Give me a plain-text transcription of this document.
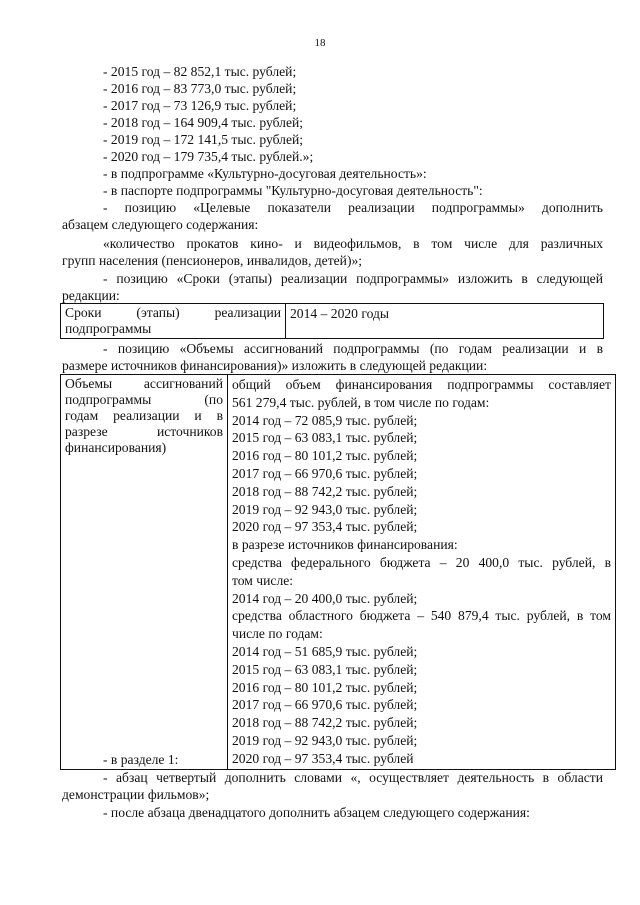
18
- 2015 год – 82 852,1 тыс. рублей;
- 2016 год – 83 773,0 тыс. рублей;
- 2017 год – 73 126,9 тыс. рублей;
- 2018 год – 164 909,4 тыс. рублей;
- 2019 год – 172 141,5 тыс. рублей;
- 2020 год – 179 735,4 тыс. рублей.»;
- в подпрограмме «Культурно-досуговая деятельность»:
- в паспорте подпрограммы "Культурно-досуговая деятельность":
- позицию «Целевые показатели реализации подпрограммы» дополнить
абзацем следующего содержания:
«количество прокатов кино- и видеофильмов, в том числе для различных
групп населения (пенсионеров, инвалидов, детей)»;
- позицию «Сроки (этапы) реализации подпрограммы» изложить в следующей
редакции:
Сроки (этапы) реализации
подпрограммы

2014 – 2020 годы
- позицию «Объемы ассигнований подпрограммы (по годам реализации и в
размере источников финансирования)» изложить в следующей редакции:
Объемы ассигнований
подпрограммы (по
годам реализации и в
разрезе источников
финансирования)

общий объем финансирования подпрограммы составляет
561 279,4 тыс. рублей, в том числе по годам:
2014 год – 72 085,9 тыс. рублей;
2015 год – 63 083,1 тыс. рублей;
2016 год – 80 101,2 тыс. рублей;
2017 год – 66 970,6 тыс. рублей;
2018 год – 88 742,2 тыс. рублей;
2019 год – 92 943,0 тыс. рублей;
2020 год – 97 353,4 тыс. рублей;
в разрезе источников финансирования:
средства федерального бюджета – 20 400,0 тыс. рублей, в
том числе:
2014 год – 20 400,0 тыс. рублей;
средства областного бюджета – 540 879,4 тыс. рублей, в том
числе по годам:
2014 год – 51 685,9 тыс. рублей;
2015 год – 63 083,1 тыс. рублей;
2016 год – 80 101,2 тыс. рублей;
2017 год – 66 970,6 тыс. рублей;
2018 год – 88 742,2 тыс. рублей;
2019 год – 92 943,0 тыс. рублей;
2020 год – 97 353,4 тыс. рублей
- в разделе 1:
- абзац четвертый дополнить словами «, осуществляет деятельность в области
демонстрации фильмов»;
- после абзаца двенадцатого дополнить абзацем следующего содержания:
